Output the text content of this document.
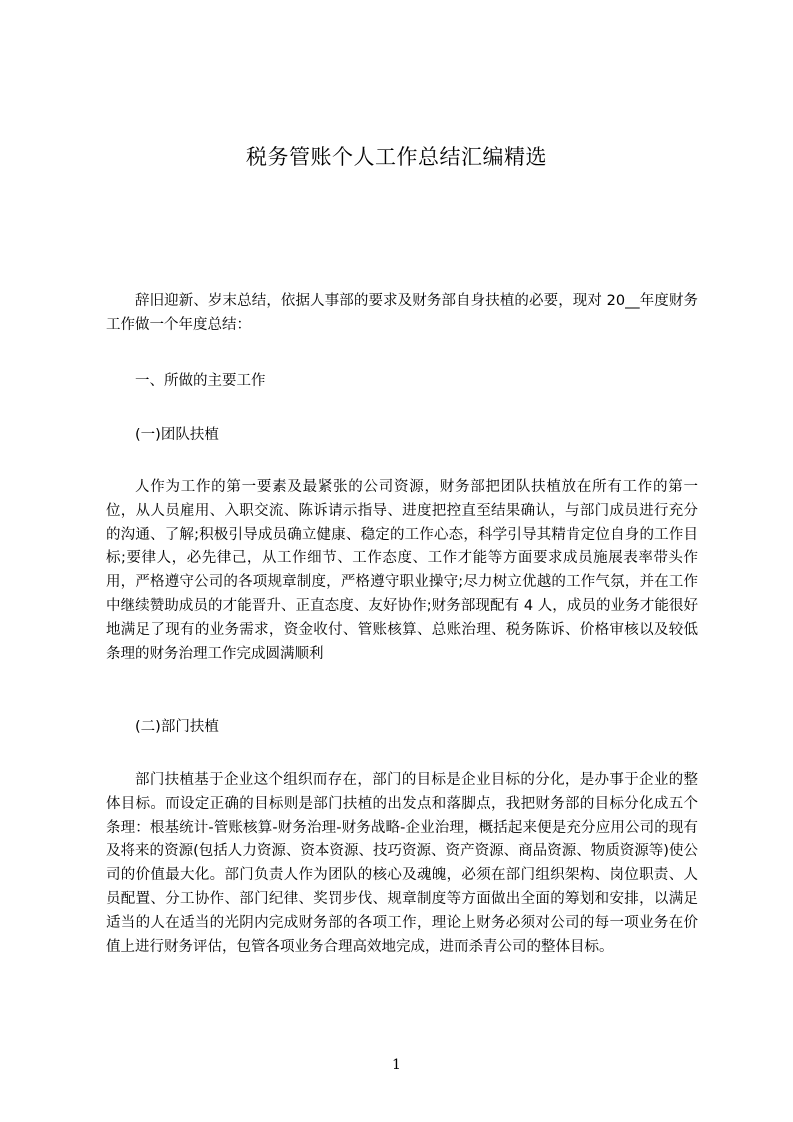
税务管账个人工作总结汇编精选
辞旧迎新、岁末总结，依据人事部的要求及财务部自身扶植的必要，现对 20__年度财务工作做一个年度总结：
一、所做的主要工作
(一)团队扶植
人作为工作的第一要素及最紧张的公司资源，财务部把团队扶植放在所有工作的第一位，从人员雇用、入职交流、陈诉请示指导、进度把控直至结果确认，与部门成员进行充分的沟通、了解;积极引导成员确立健康、稳定的工作心态，科学引导其精肯定位自身的工作目标;要律人，必先律己，从工作细节、工作态度、工作才能等方面要求成员施展表率带头作用，严格遵守公司的各项规章制度，严格遵守职业操守;尽力树立优越的工作气氛，并在工作中继续赞助成员的才能晋升、正直态度、友好协作;财务部现配有 4 人，成员的业务才能很好地满足了现有的业务需求，资金收付、管账核算、总账治理、税务陈诉、价格审核以及较低条理的财务治理工作完成圆满顺利
(二)部门扶植
部门扶植基于企业这个组织而存在，部门的目标是企业目标的分化，是办事于企业的整体目标。而设定正确的目标则是部门扶植的出发点和落脚点，我把财务部的目标分化成五个条理：根基统计-管账核算-财务治理-财务战略-企业治理，概括起来便是充分应用公司的现有及将来的资源(包括人力资源、资本资源、技巧资源、资产资源、商品资源、物质资源等)使公司的价值最大化。部门负责人作为团队的核心及魂魄，必须在部门组织架构、岗位职责、人员配置、分工协作、部门纪律、奖罚步伐、规章制度等方面做出全面的筹划和安排，以满足适当的人在适当的光阴内完成财务部的各项工作，理论上财务必须对公司的每一项业务在价值上进行财务评估，包管各项业务合理高效地完成，进而杀青公司的整体目标。
1
